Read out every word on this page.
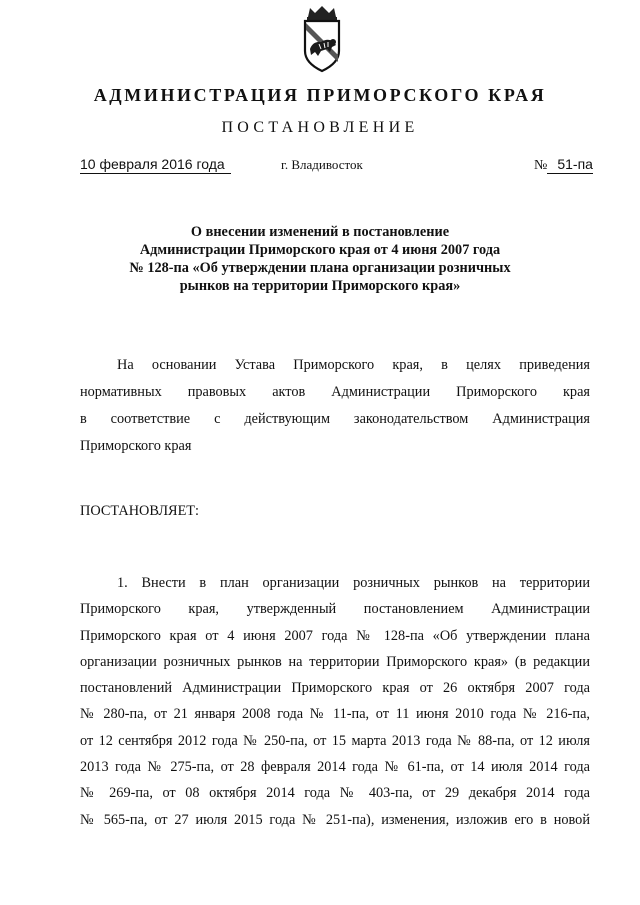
АДМИНИСТРАЦИЯ ПРИМОРСКОГО КРАЯ
ПОСТАНОВЛЕНИЕ
10 февраля 2016 года	г. Владивосток	№ 51-па
О внесении изменений в постановление
Администрации Приморского края от 4 июня 2007 года
№ 128-па «Об утверждении плана организации розничных
рынков на территории Приморского края»
На основании Устава Приморского края, в целях приведения
нормативных правовых актов Администрации Приморского края
в соответствие с действующим законодательством Администрация
Приморского края
ПОСТАНОВЛЯЕТ:
1. Внести в план организации розничных рынков на территории
Приморского края, утвержденный постановлением Администрации
Приморского края от 4 июня 2007 года № 128-па «Об утверждении плана
организации розничных рынков на территории Приморского края» (в редакции
постановлений Администрации Приморского края от 26 октября 2007 года
№ 280-па, от 21 января 2008 года № 11-па, от 11 июня 2010 года № 216-па,
от 12 сентября 2012 года № 250-па, от 15 марта 2013 года № 88-па, от 12 июля
2013 года № 275-па, от 28 февраля 2014 года № 61-па, от 14 июля 2014 года
№ 269-па, от 08 октября 2014 года № 403-па, от 29 декабря 2014 года
№ 565-па, от 27 июля 2015 года № 251-па), изменения, изложив его в новой
